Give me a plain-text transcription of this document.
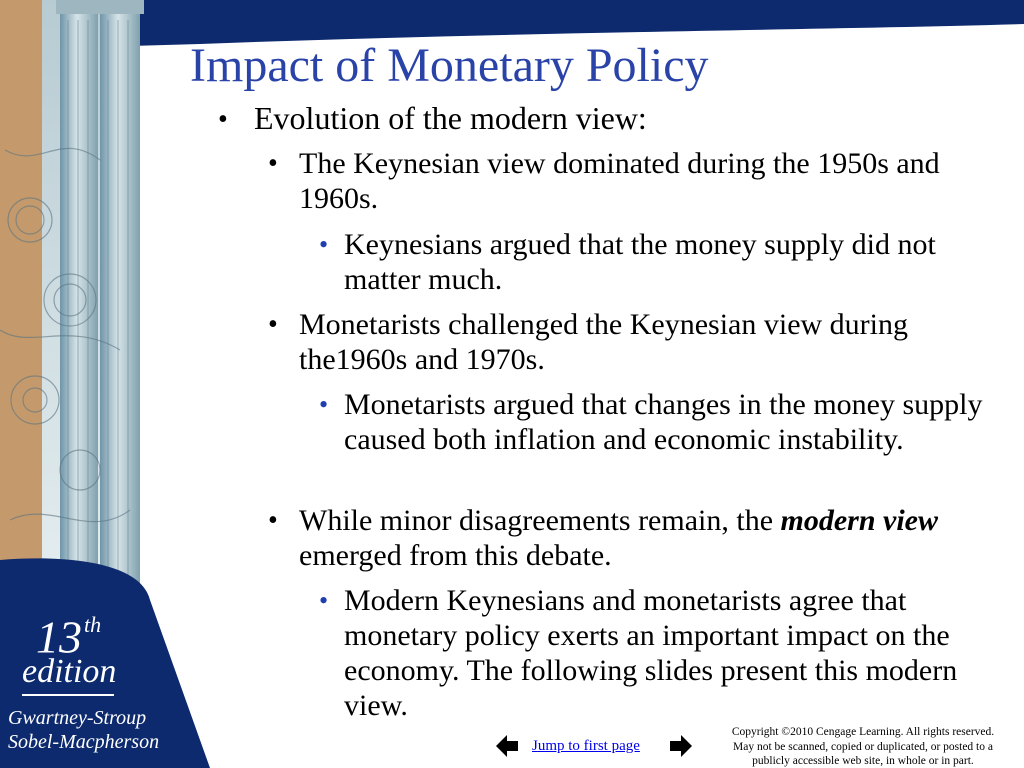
13th
edition
Gwartney-Stroup
Sobel-Macpherson
Impact of Monetary Policy
• Evolution of the modern view:
• The Keynesian view dominated during the 1950s and 1960s.
• Keynesians argued that the money supply did not matter much.
• Monetarists challenged the Keynesian view during the1960s and 1970s.
• Monetarists argued that changes in the money supply caused both inflation and economic instability.
• While minor disagreements remain, the modern view emerged from this debate.
• Modern Keynesians and monetarists agree that monetary policy exerts an important impact on the economy. The following slides present this modern view.
Jump to first page
Copyright ©2010 Cengage Learning. All rights reserved.
May not be scanned, copied or duplicated, or posted to a
publicly accessible web site, in whole or in part.
